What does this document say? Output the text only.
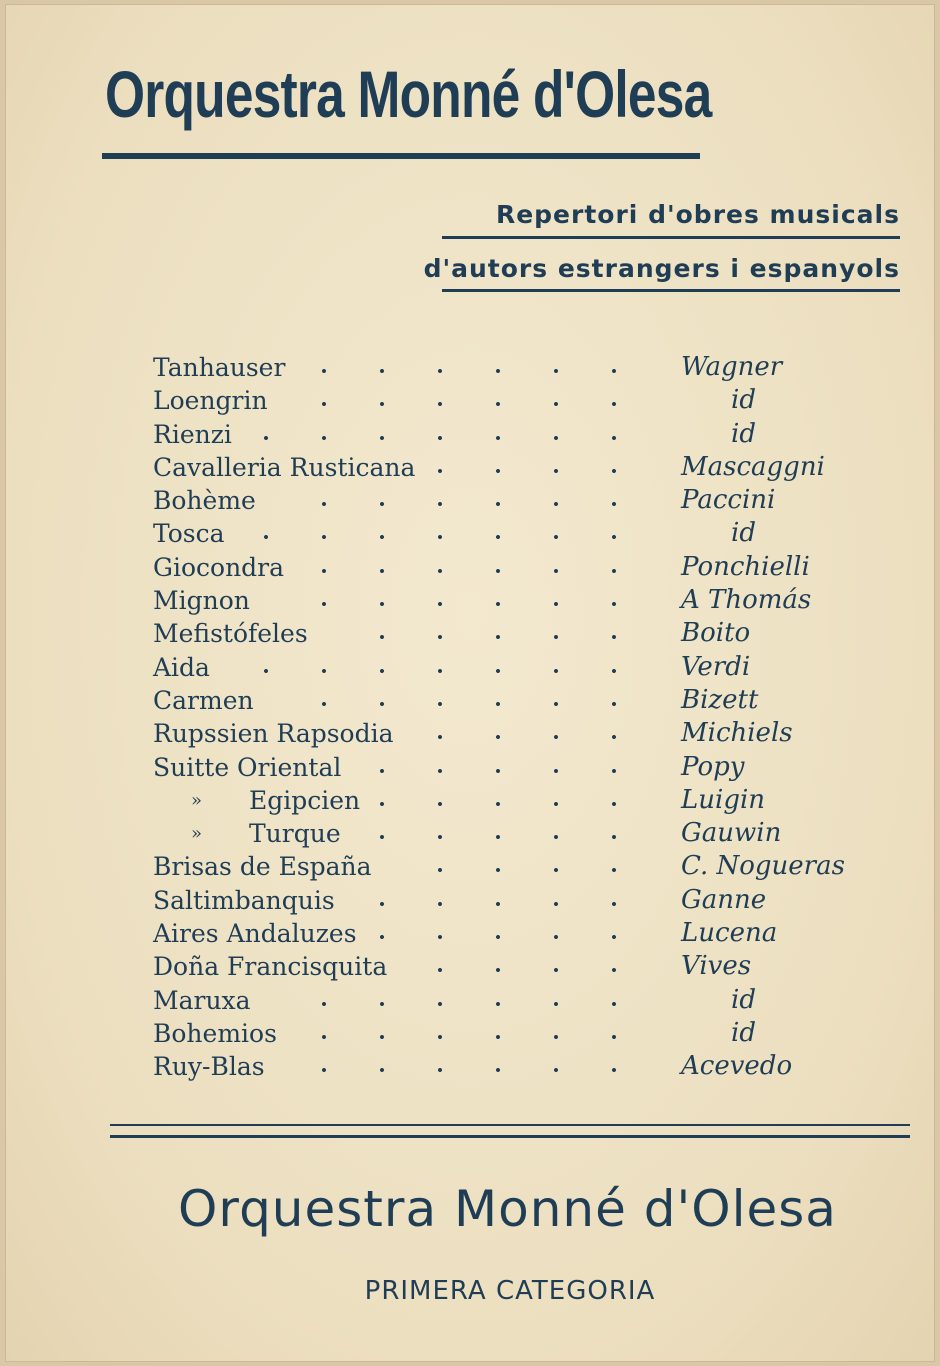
Orquestra Monné d'Olesa
Repertori d'obres musicals
d'autors estrangers i espanyols
Tanhauser	Wagner
Loengrin	id
Rienzi	id
Cavalleria Rusticana	Mascaggni
Bohème	Paccini
Tosca	id
Giocondra	Ponchielli
Mignon	A Thomás
Mefistófeles	Boito
Aida	Verdi
Carmen	Bizett
Rupssien Rapsodia	Michiels
Suitte Oriental	Popy
» Egipcien	Luigin
» Turque	Gauwin
Brisas de España	C. Nogueras
Saltimbanquis	Ganne
Aires Andaluzes	Lucena
Doña Francisquita	Vives
Maruxa	id
Bohemios	id
Ruy-Blas	Acevedo
Orquestra Monné d'Olesa
PRIMERA CATEGORIA
